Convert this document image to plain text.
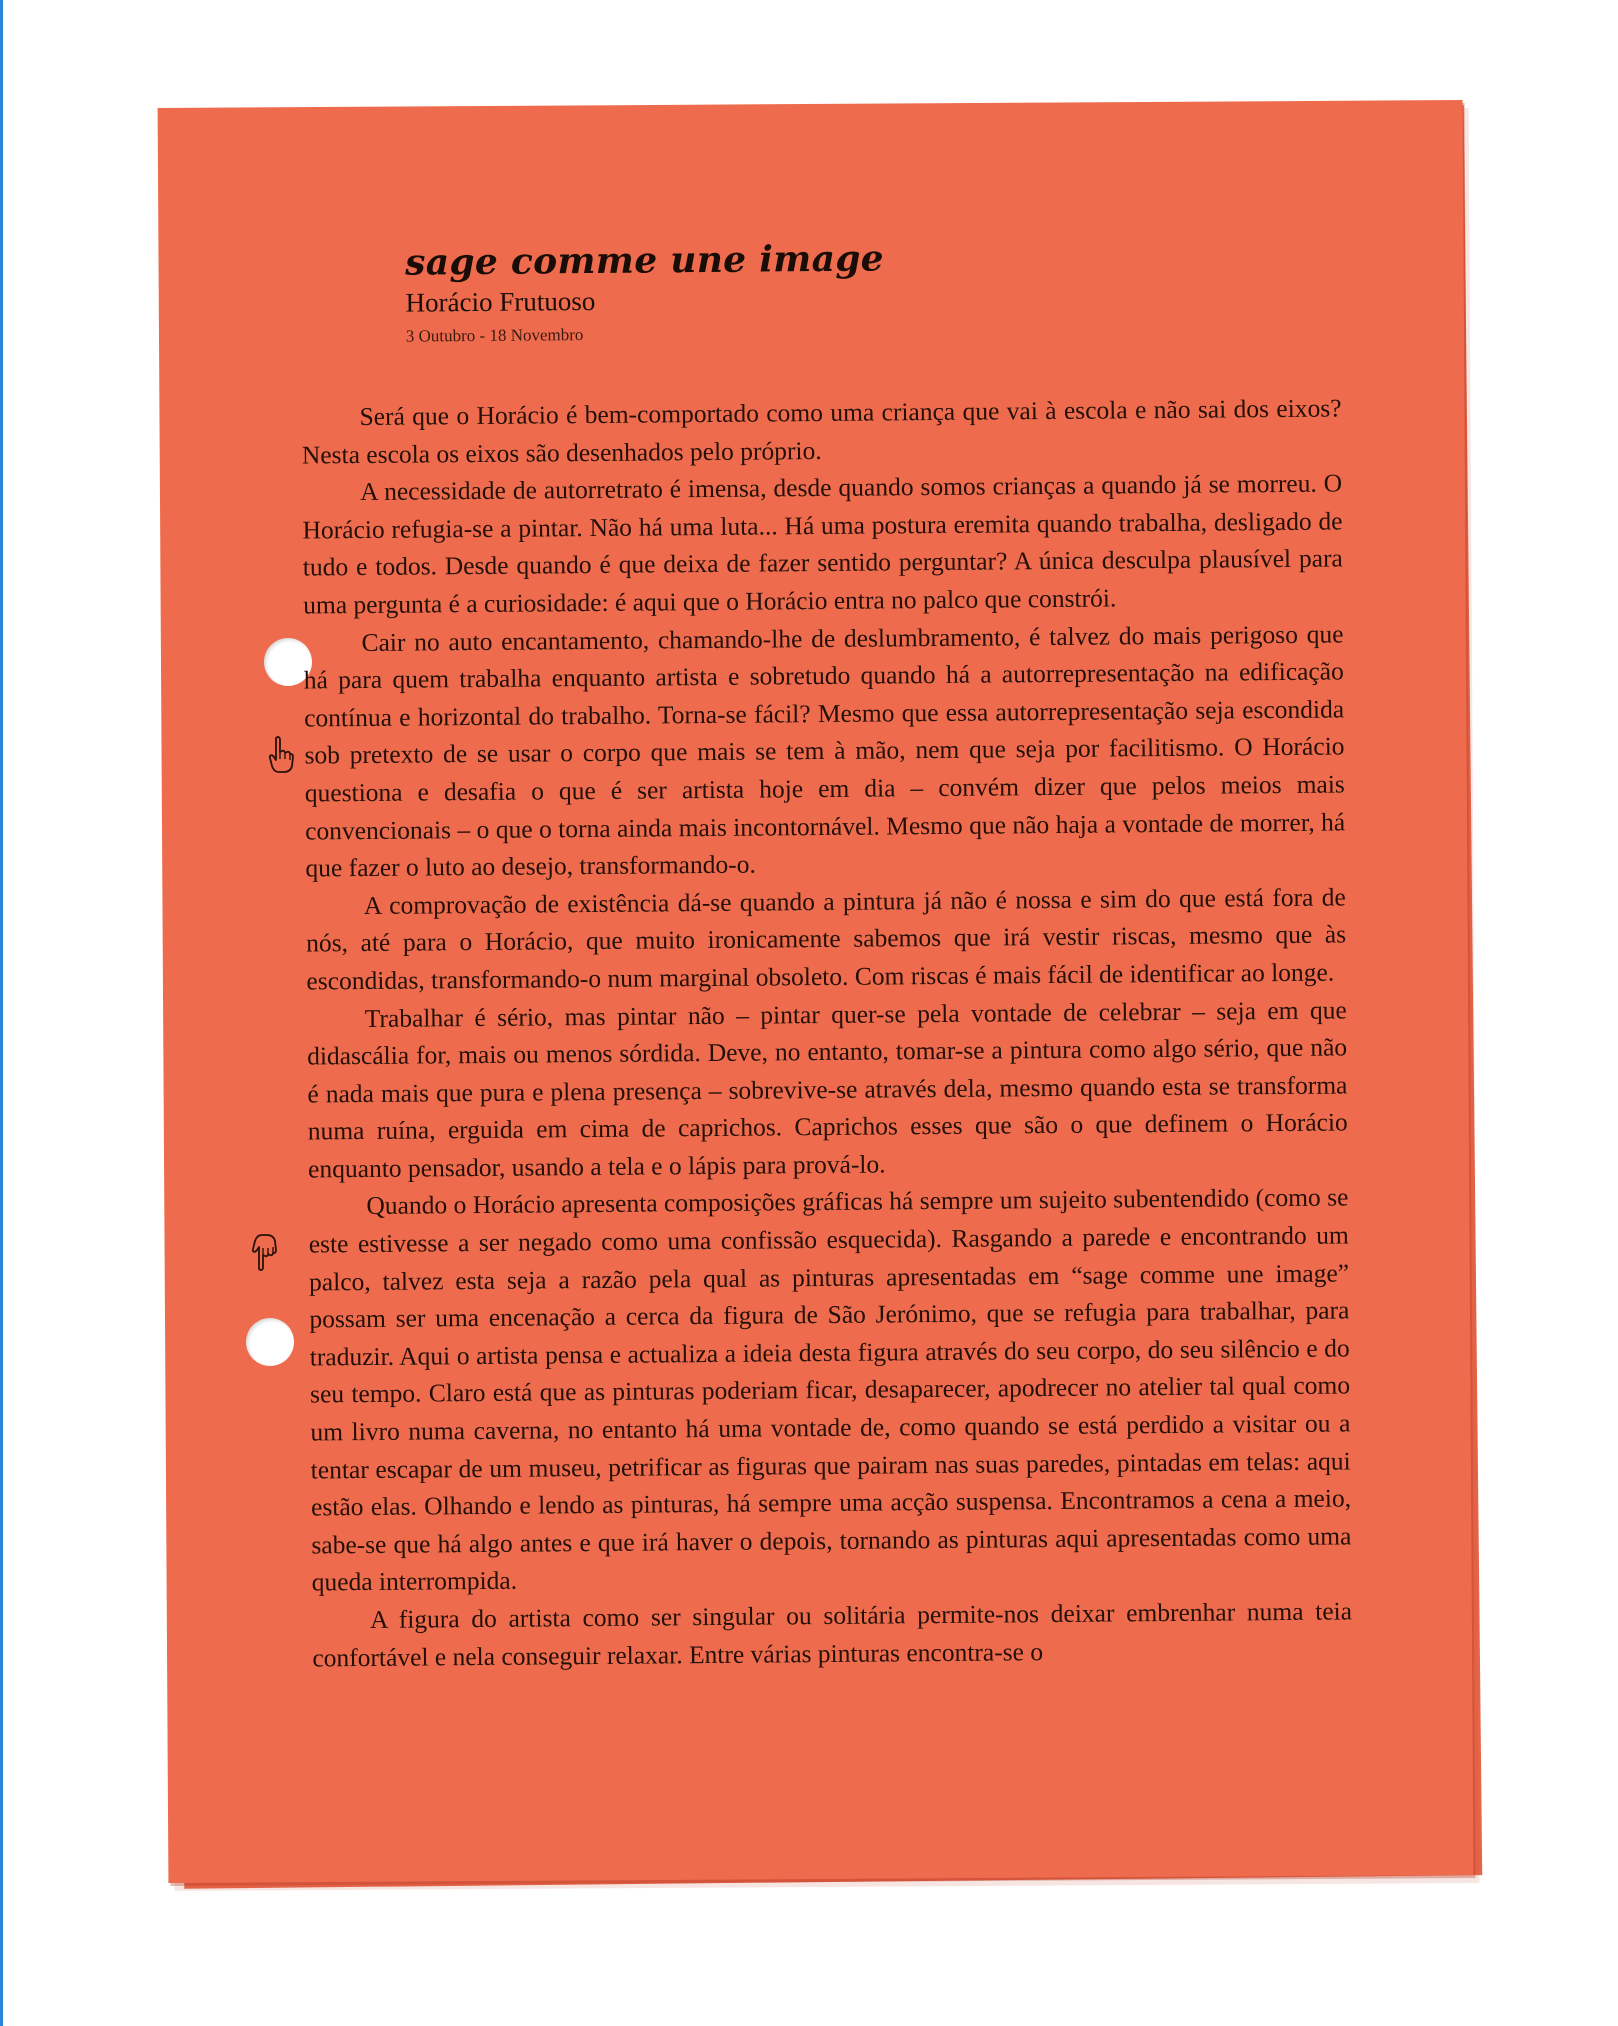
sage comme une image
Horácio Frutuoso
3 Outubro - 18 Novembro

Será que o Horácio é bem-comportado como uma criança que vai à escola e não sai dos eixos? Nesta escola os eixos são desenhados pelo próprio.

A necessidade de autorretrato é imensa, desde quando somos crianças a quando já se morreu. O Horácio refugia-se a pintar. Não há uma luta... Há uma postura eremita quando trabalha, desligado de tudo e todos. Desde quando é que deixa de fazer sentido perguntar? A única desculpa plausível para uma pergunta é a curiosidade: é aqui que o Horácio entra no palco que constrói.

Cair no auto encantamento, chamando-lhe de deslumbramento, é talvez do mais perigoso que há para quem trabalha enquanto artista e sobretudo quando há a autorrepresentação na edificação contínua e horizontal do trabalho. Torna-se fácil? Mesmo que essa autorrepresentação seja escondida sob pretexto de se usar o corpo que mais se tem à mão, nem que seja por facilitismo. O Horácio questiona e desafia o que é ser artista hoje em dia – convém dizer que pelos meios mais convencionais – o que o torna ainda mais incontornável. Mesmo que não haja a vontade de morrer, há que fazer o luto ao desejo, transformando-o.

A comprovação de existência dá-se quando a pintura já não é nossa e sim do que está fora de nós, até para o Horácio, que muito ironicamente sabemos que irá vestir riscas, mesmo que às escondidas, transformando-o num marginal obsoleto. Com riscas é mais fácil de identificar ao longe.

Trabalhar é sério, mas pintar não – pintar quer-se pela vontade de celebrar – seja em que didascália for, mais ou menos sórdida. Deve, no entanto, tomar-se a pintura como algo sério, que não é nada mais que pura e plena presença – sobrevive-se através dela, mesmo quando esta se transforma numa ruína, erguida em cima de caprichos. Caprichos esses que são o que definem o Horácio enquanto pensador, usando a tela e o lápis para prová-lo.

Quando o Horácio apresenta composições gráficas há sempre um sujeito subentendido (como se este estivesse a ser negado como uma confissão esquecida). Rasgando a parede e encontrando um palco, talvez esta seja a razão pela qual as pinturas apresentadas em “sage comme une image” possam ser uma encenação a cerca da figura de São Jerónimo, que se refugia para trabalhar, para traduzir. Aqui o artista pensa e actualiza a ideia desta figura através do seu corpo, do seu silêncio e do seu tempo. Claro está que as pinturas poderiam ficar, desaparecer, apodrecer no atelier tal qual como um livro numa caverna, no entanto há uma vontade de, como quando se está perdido a visitar ou a tentar escapar de um museu, petrificar as figuras que pairam nas suas paredes, pintadas em telas: aqui estão elas. Olhando e lendo as pinturas, há sempre uma acção suspensa. Encontramos a cena a meio, sabe-se que há algo antes e que irá haver o depois, tornando as pinturas aqui apresentadas como uma queda interrompida.

A figura do artista como ser singular ou solitária permite-nos deixar embrenhar numa teia confortável e nela conseguir relaxar. Entre várias pinturas encontra-se o
